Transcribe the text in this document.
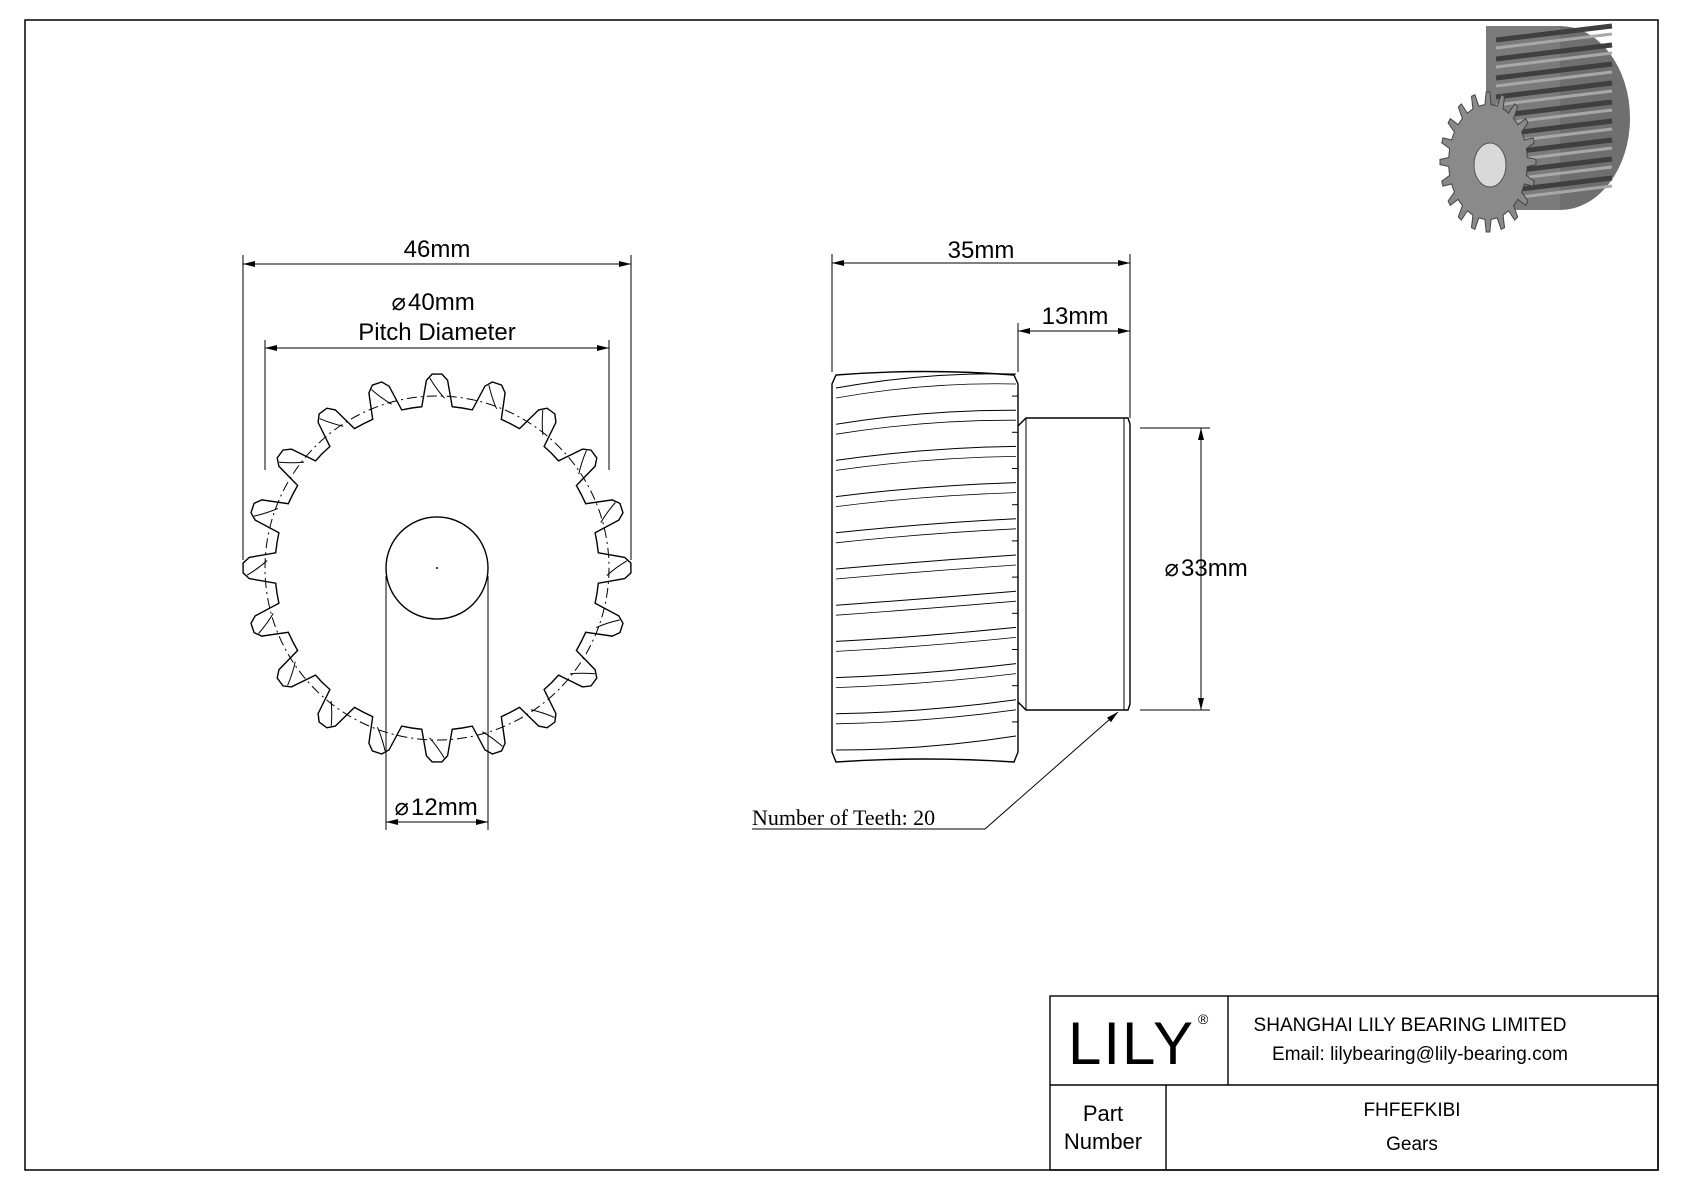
46mm
⌀ 40mm
Pitch Diameter
⌀ 12mm
35mm
13mm
⌀ 33mm
Number of Teeth: 20
LILY ® SHANGHAI LILY BEARING LIMITED
Email: lilybearing@lily-bearing.com
Part
Number
FHFEFKIBI
Gears
